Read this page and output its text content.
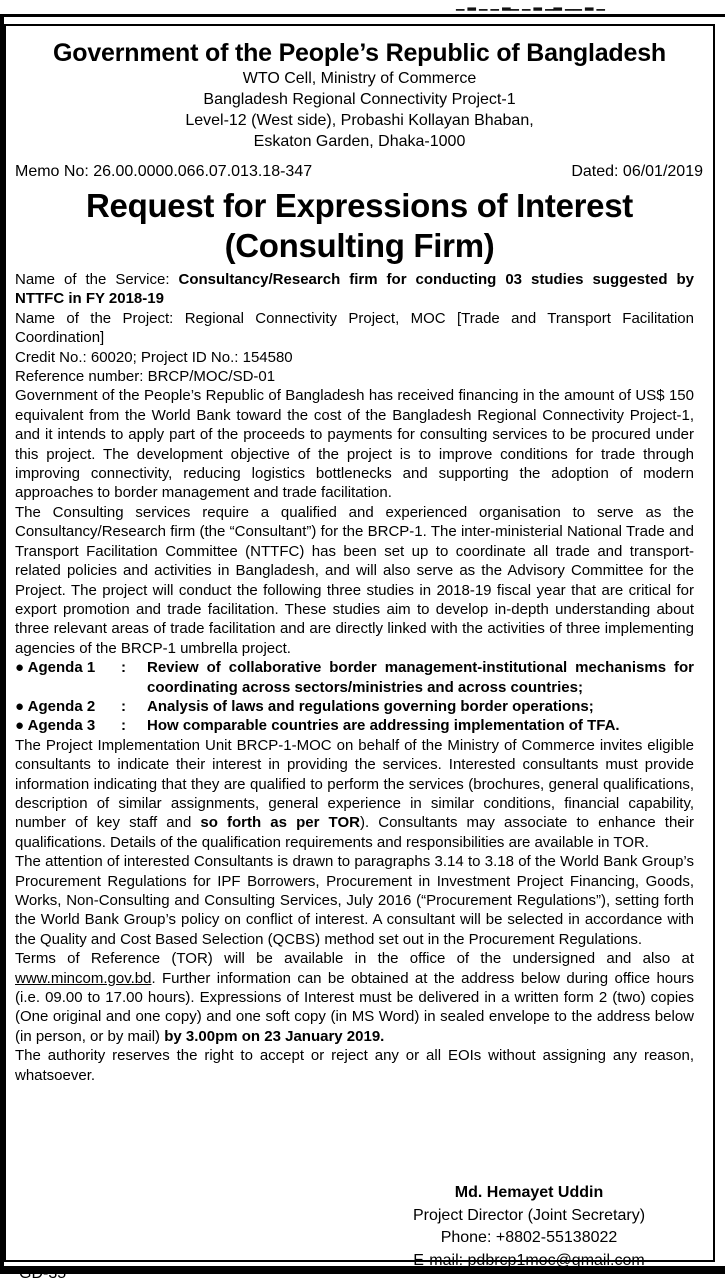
▁ ▂ ▁ ▁ ▂▁ ▁ ▂ ▁▂ ▁▁ ▂ ▁
Government of the People’s Republic of Bangladesh
WTO Cell, Ministry of Commerce
Bangladesh Regional Connectivity Project-1
Level-12 (West side), Probashi Kollayan Bhaban,
Eskaton Garden, Dhaka-1000
Memo No: 26.00.0000.066.07.013.18-347	Dated: 06/01/2019
Request for Expressions of Interest
(Consulting Firm)

Name of the Service: Consultancy/Research firm for conducting 03 studies suggested by NTTFC in FY 2018-19

Name of the Project: Regional Connectivity Project, MOC [Trade and Transport Facilitation Coordination]

Credit No.: 60020; Project ID No.: 154580

Reference number: BRCP/MOC/SD-01

Government of the People’s Republic of Bangladesh has received financing in the amount of US$ 150 equivalent from the World Bank toward the cost of the Bangladesh Regional Connectivity Project-1, and it intends to apply part of the proceeds to payments for consulting services to be procured under this project. The development objective of the project is to improve conditions for trade through improving connectivity, reducing logistics bottlenecks and supporting the adoption of modern approaches to border management and trade facilitation.

The Consulting services require a qualified and experienced organisation to serve as the Consultancy/Research firm (the “Consultant”) for the BRCP-1. The inter-ministerial National Trade and Transport Facilitation Committee (NTTFC) has been set up to coordinate all trade and transport-related policies and activities in Bangladesh, and will also serve as the Advisory Committee for the Project. The project will conduct the following three studies in 2018-19 fiscal year that are critical for export promotion and trade facilitation. These studies aim to develop in-depth understanding about three relevant areas of trade facilitation and are directly linked with the activities of three implementing agencies of the BRCP-1 umbrella project.

● Agenda 1	:	Review of collaborative border management-institutional mechanisms for coordinating across sectors/ministries and across countries;
● Agenda 2	:	Analysis of laws and regulations governing border operations;
● Agenda 3	:	How comparable countries are addressing implementation of TFA.

The Project Implementation Unit BRCP-1-MOC on behalf of the Ministry of Commerce invites eligible consultants to indicate their interest in providing the services. Interested consultants must provide information indicating that they are qualified to perform the services (brochures, general qualifications, description of similar assignments, general experience in similar conditions, financial capability, number of key staff and so forth as per TOR). Consultants may associate to enhance their qualifications. Details of the qualification requirements and responsibilities are available in TOR.

The attention of interested Consultants is drawn to paragraphs 3.14 to 3.18 of the World Bank Group’s Procurement Regulations for IPF Borrowers, Procurement in Investment Project Financing, Goods, Works, Non-Consulting and Consulting Services, July 2016 (“Procurement Regulations”), setting forth the World Bank Group’s policy on conflict of interest. A consultant will be selected in accordance with the Quality and Cost Based Selection (QCBS) method set out in the Procurement Regulations.

Terms of Reference (TOR) will be available in the office of the undersigned and also at www.mincom.gov.bd. Further information can be obtained at the address below during office hours (i.e. 09.00 to 17.00 hours). Expressions of Interest must be delivered in a written form 2 (two) copies (One original and one copy) and one soft copy (in MS Word) in sealed envelope to the address below (in person, or by mail) by 3.00pm on 23 January 2019.

The authority reserves the right to accept or reject any or all EOIs without assigning any reason, whatsoever.

Md. Hemayet Uddin
Project Director (Joint Secretary)
Phone: +8802-55138022
E-mail: pdbrcp1moc@gmail.com
GD-35
